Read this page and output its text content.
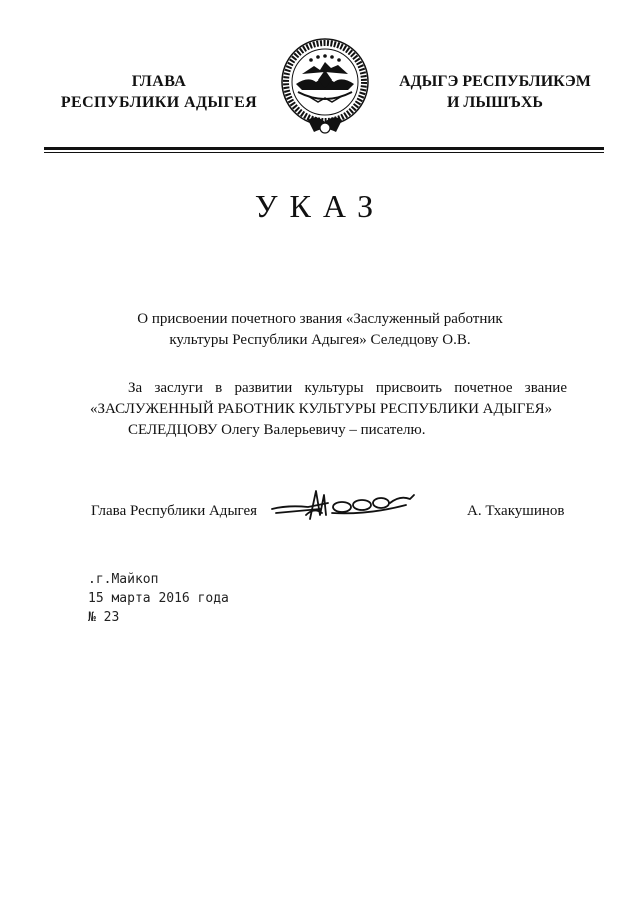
ГЛАВА
РЕСПУБЛИКИ АДЫГЕЯ
АДЫГЭ РЕСПУБЛИКЭМ
И ЛЫШЪХЬ
УКАЗ
О присвоении почетного звания «Заслуженный работник
культуры Республики Адыгея» Селедцову О.В.
За заслуги в развитии культуры присвоить почетное звание
«ЗАСЛУЖЕННЫЙ РАБОТНИК КУЛЬТУРЫ РЕСПУБЛИКИ АДЫГЕЯ»
СЕЛЕДЦОВУ Олегу Валерьевичу – писателю.
Глава Республики Адыгея	А. Тхакушинов
.г.Майкоп
15 марта 2016 года
№ 23
